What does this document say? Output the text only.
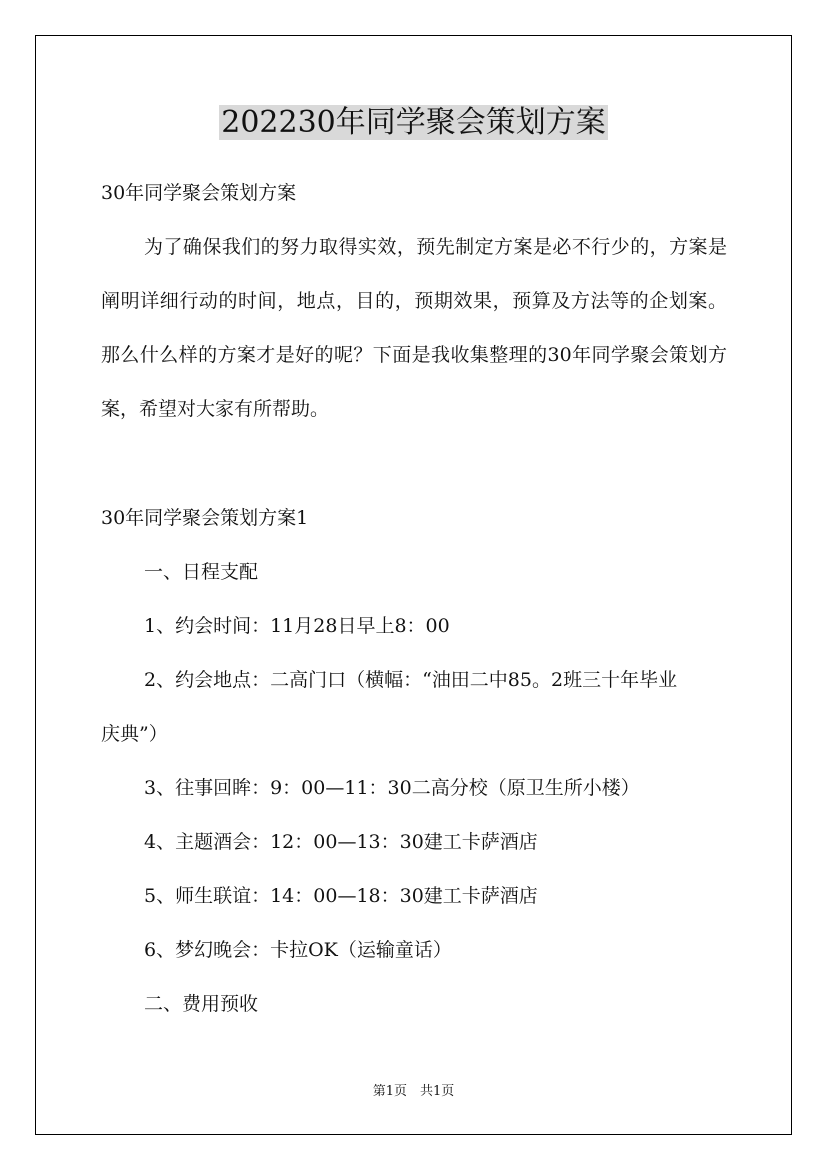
202230年同学聚会策划方案
30年同学聚会策划方案
为了确保我们的努力取得实效，预先制定方案是必不行少的，方案是阐明详细行动的时间，地点，目的，预期效果，预算及方法等的企划案。那么什么样的方案才是好的呢？下面是我收集整理的30年同学聚会策划方案，希望对大家有所帮助。
30年同学聚会策划方案1
一、日程支配
1、约会时间：11月28日早上8：00
2、约会地点：二高门口（横幅：“油田二中85。2班三十年毕业
庆典”）
3、往事回眸：9：00—11：30二高分校（原卫生所小楼）
4、主题酒会：12：00—13：30建工卡萨酒店
5、师生联谊：14：00—18：30建工卡萨酒店
6、梦幻晚会：卡拉OK（运输童话）
二、费用预收
第1页　共1页
